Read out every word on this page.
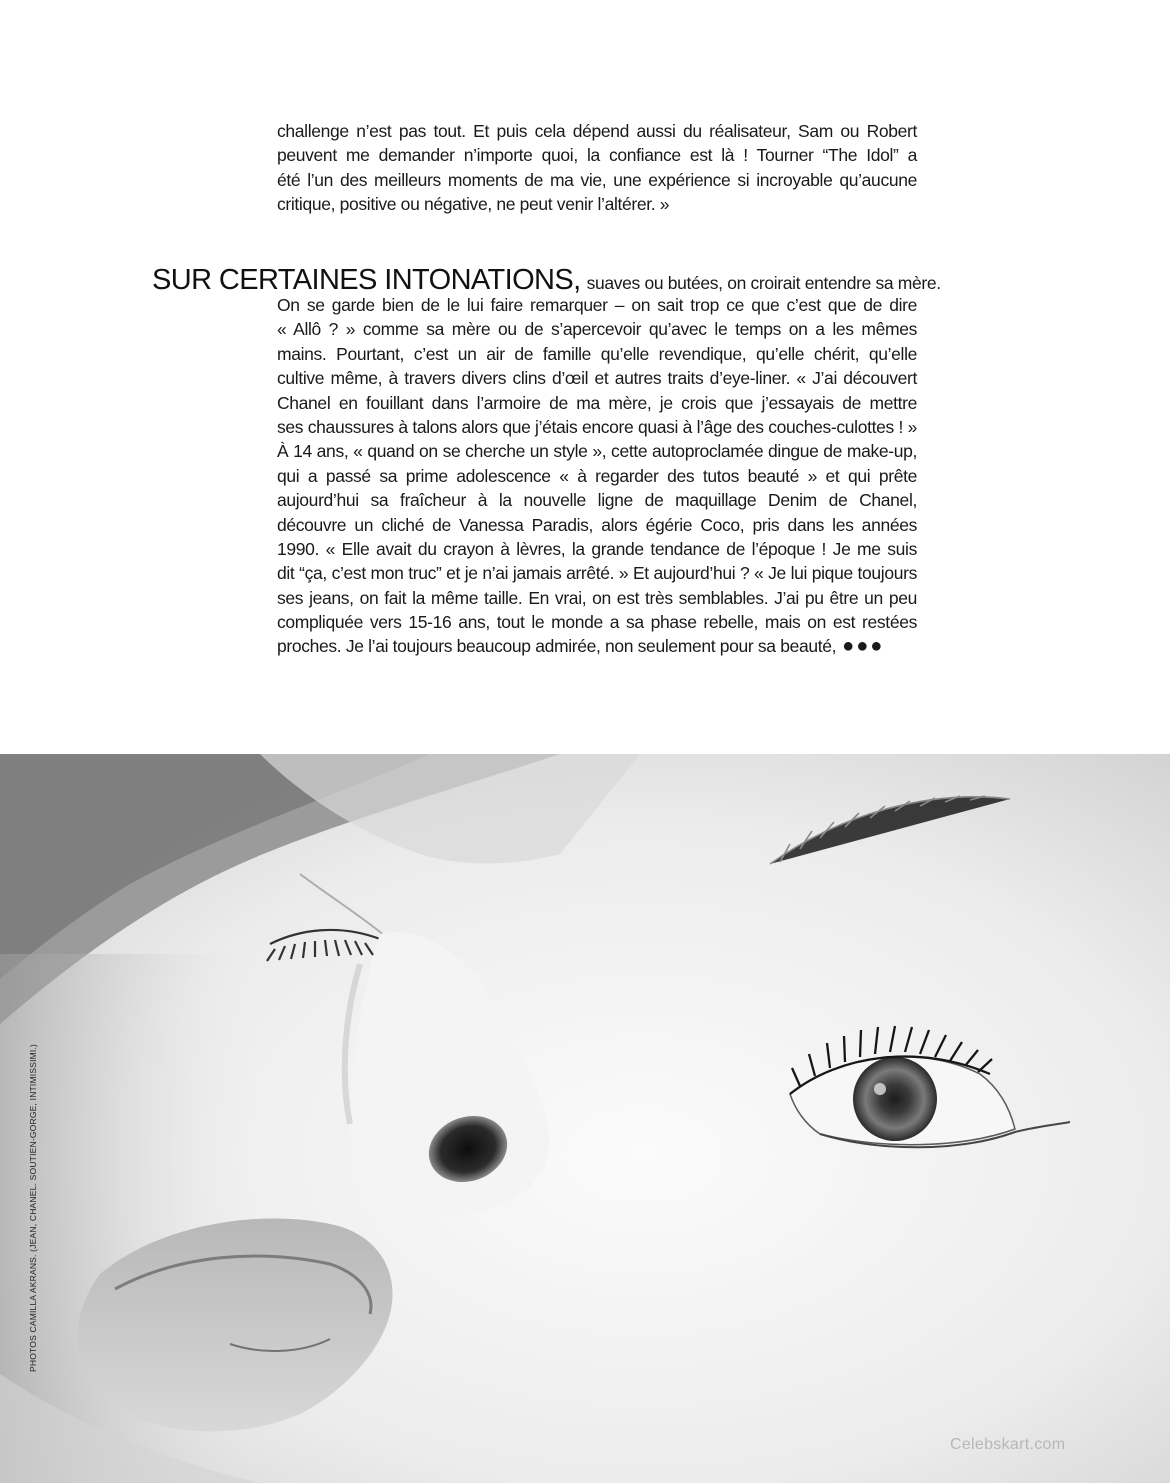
challenge n’est pas tout. Et puis cela dépend aussi du réalisateur, Sam ou Robert
peuvent me demander n’importe quoi, la confiance est là ! Tourner “The Idol” a
été l’un des meilleurs moments de ma vie, une expérience si incroyable qu’aucune
critique, positive ou négative, ne peut venir l’altérer. »
SUR CERTAINES INTONATIONS, suaves ou butées, on croirait entendre sa mère.
On se garde bien de le lui faire remarquer – on sait trop ce que c’est que de dire
« Allô ? » comme sa mère ou de s’apercevoir qu’avec le temps on a les mêmes
mains. Pourtant, c’est un air de famille qu’elle revendique, qu’elle chérit, qu’elle
cultive même, à travers divers clins d’œil et autres traits d’eye-liner. « J’ai découvert
Chanel en fouillant dans l’armoire de ma mère, je crois que j’essayais de mettre
ses chaussures à talons alors que j’étais encore quasi à l’âge des couches-culottes ! »
À 14 ans, « quand on se cherche un style », cette autoproclamée dingue de make-up,
qui a passé sa prime adolescence « à regarder des tutos beauté » et qui prête
aujourd’hui sa fraîcheur à la nouvelle ligne de maquillage Denim de Chanel,
découvre un cliché de Vanessa Paradis, alors égérie Coco, pris dans les années
1990. « Elle avait du crayon à lèvres, la grande tendance de l’époque ! Je me suis
dit “ça, c’est mon truc” et je n’ai jamais arrêté. » Et aujourd’hui ? « Je lui pique toujours
ses jeans, on fait la même taille. En vrai, on est très semblables. J’ai pu être un peu
compliquée vers 15-16 ans, tout le monde a sa phase rebelle, mais on est restées
proches. Je l’ai toujours beaucoup admirée, non seulement pour sa beauté, ●●●
PHOTOS CAMILLA AKRANS. (JEAN, CHANEL. SOUTIEN-GORGE, INTIMISSIMI.)
Celebskart.com
